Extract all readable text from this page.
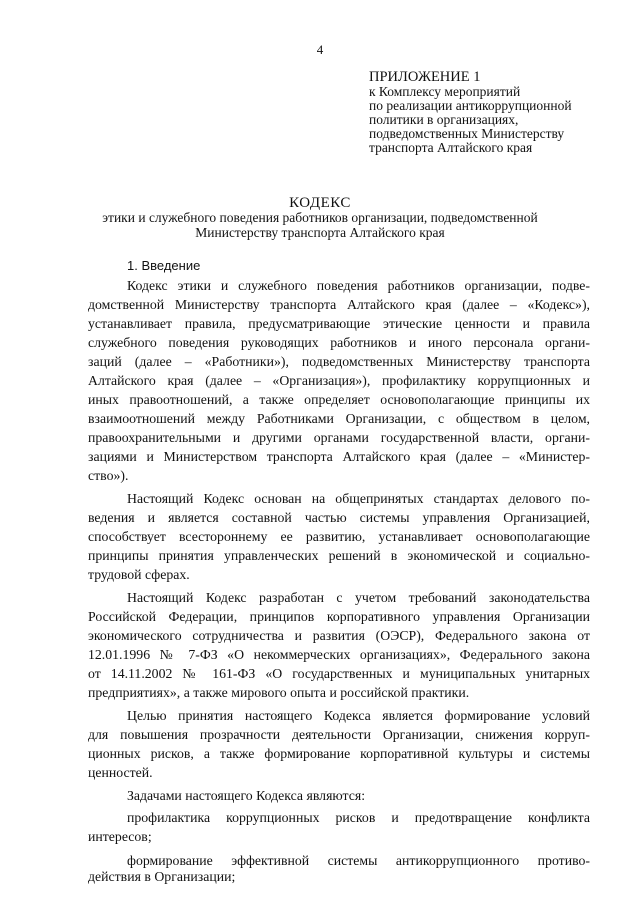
4
ПРИЛОЖЕНИЕ 1
к Комплексу мероприятий
по реализации антикоррупционной
политики в организациях,
подведомственных Министерству
транспорта Алтайского края
КОДЕКС
этики и служебного поведения работников организации, подведомственной
Министерству транспорта Алтайского края
1. Введение
Кодекс этики и служебного поведения работников организации, подве-
домственной Министерству транспорта Алтайского края (далее – «Кодекс»),
устанавливает правила, предусматривающие этические ценности и правила
служебного поведения руководящих работников и иного персонала органи-
заций (далее – «Работники»), подведомственных Министерству транспорта
Алтайского края (далее – «Организация»), профилактику коррупционных и
иных правоотношений, а также определяет основополагающие принципы их
взаимоотношений между Работниками Организации, с обществом в целом,
правоохранительными и другими органами государственной власти, органи-
зациями и Министерством транспорта Алтайского края (далее – «Министер-
ство»).
Настоящий Кодекс основан на общепринятых стандартах делового по-
ведения и является составной частью системы управления Организацией,
способствует всестороннему ее развитию, устанавливает основополагающие
принципы принятия управленческих решений в экономической и социально-
трудовой сферах.
Настоящий Кодекс разработан с учетом требований законодательства
Российской Федерации, принципов корпоративного управления Организации
экономического сотрудничества и развития (ОЭСР), Федерального закона от
12.01.1996 № 7-ФЗ «О некоммерческих организациях», Федерального закона
от 14.11.2002 № 161-ФЗ «О государственных и муниципальных унитарных
предприятиях», а также мирового опыта и российской практики.
Целью принятия настоящего Кодекса является формирование условий
для повышения прозрачности деятельности Организации, снижения корруп-
ционных рисков, а также формирование корпоративной культуры и системы
ценностей.
Задачами настоящего Кодекса являются:
профилактика коррупционных рисков и предотвращение конфликта
интересов;
формирование эффективной системы антикоррупционного противо-
действия в Организации;
